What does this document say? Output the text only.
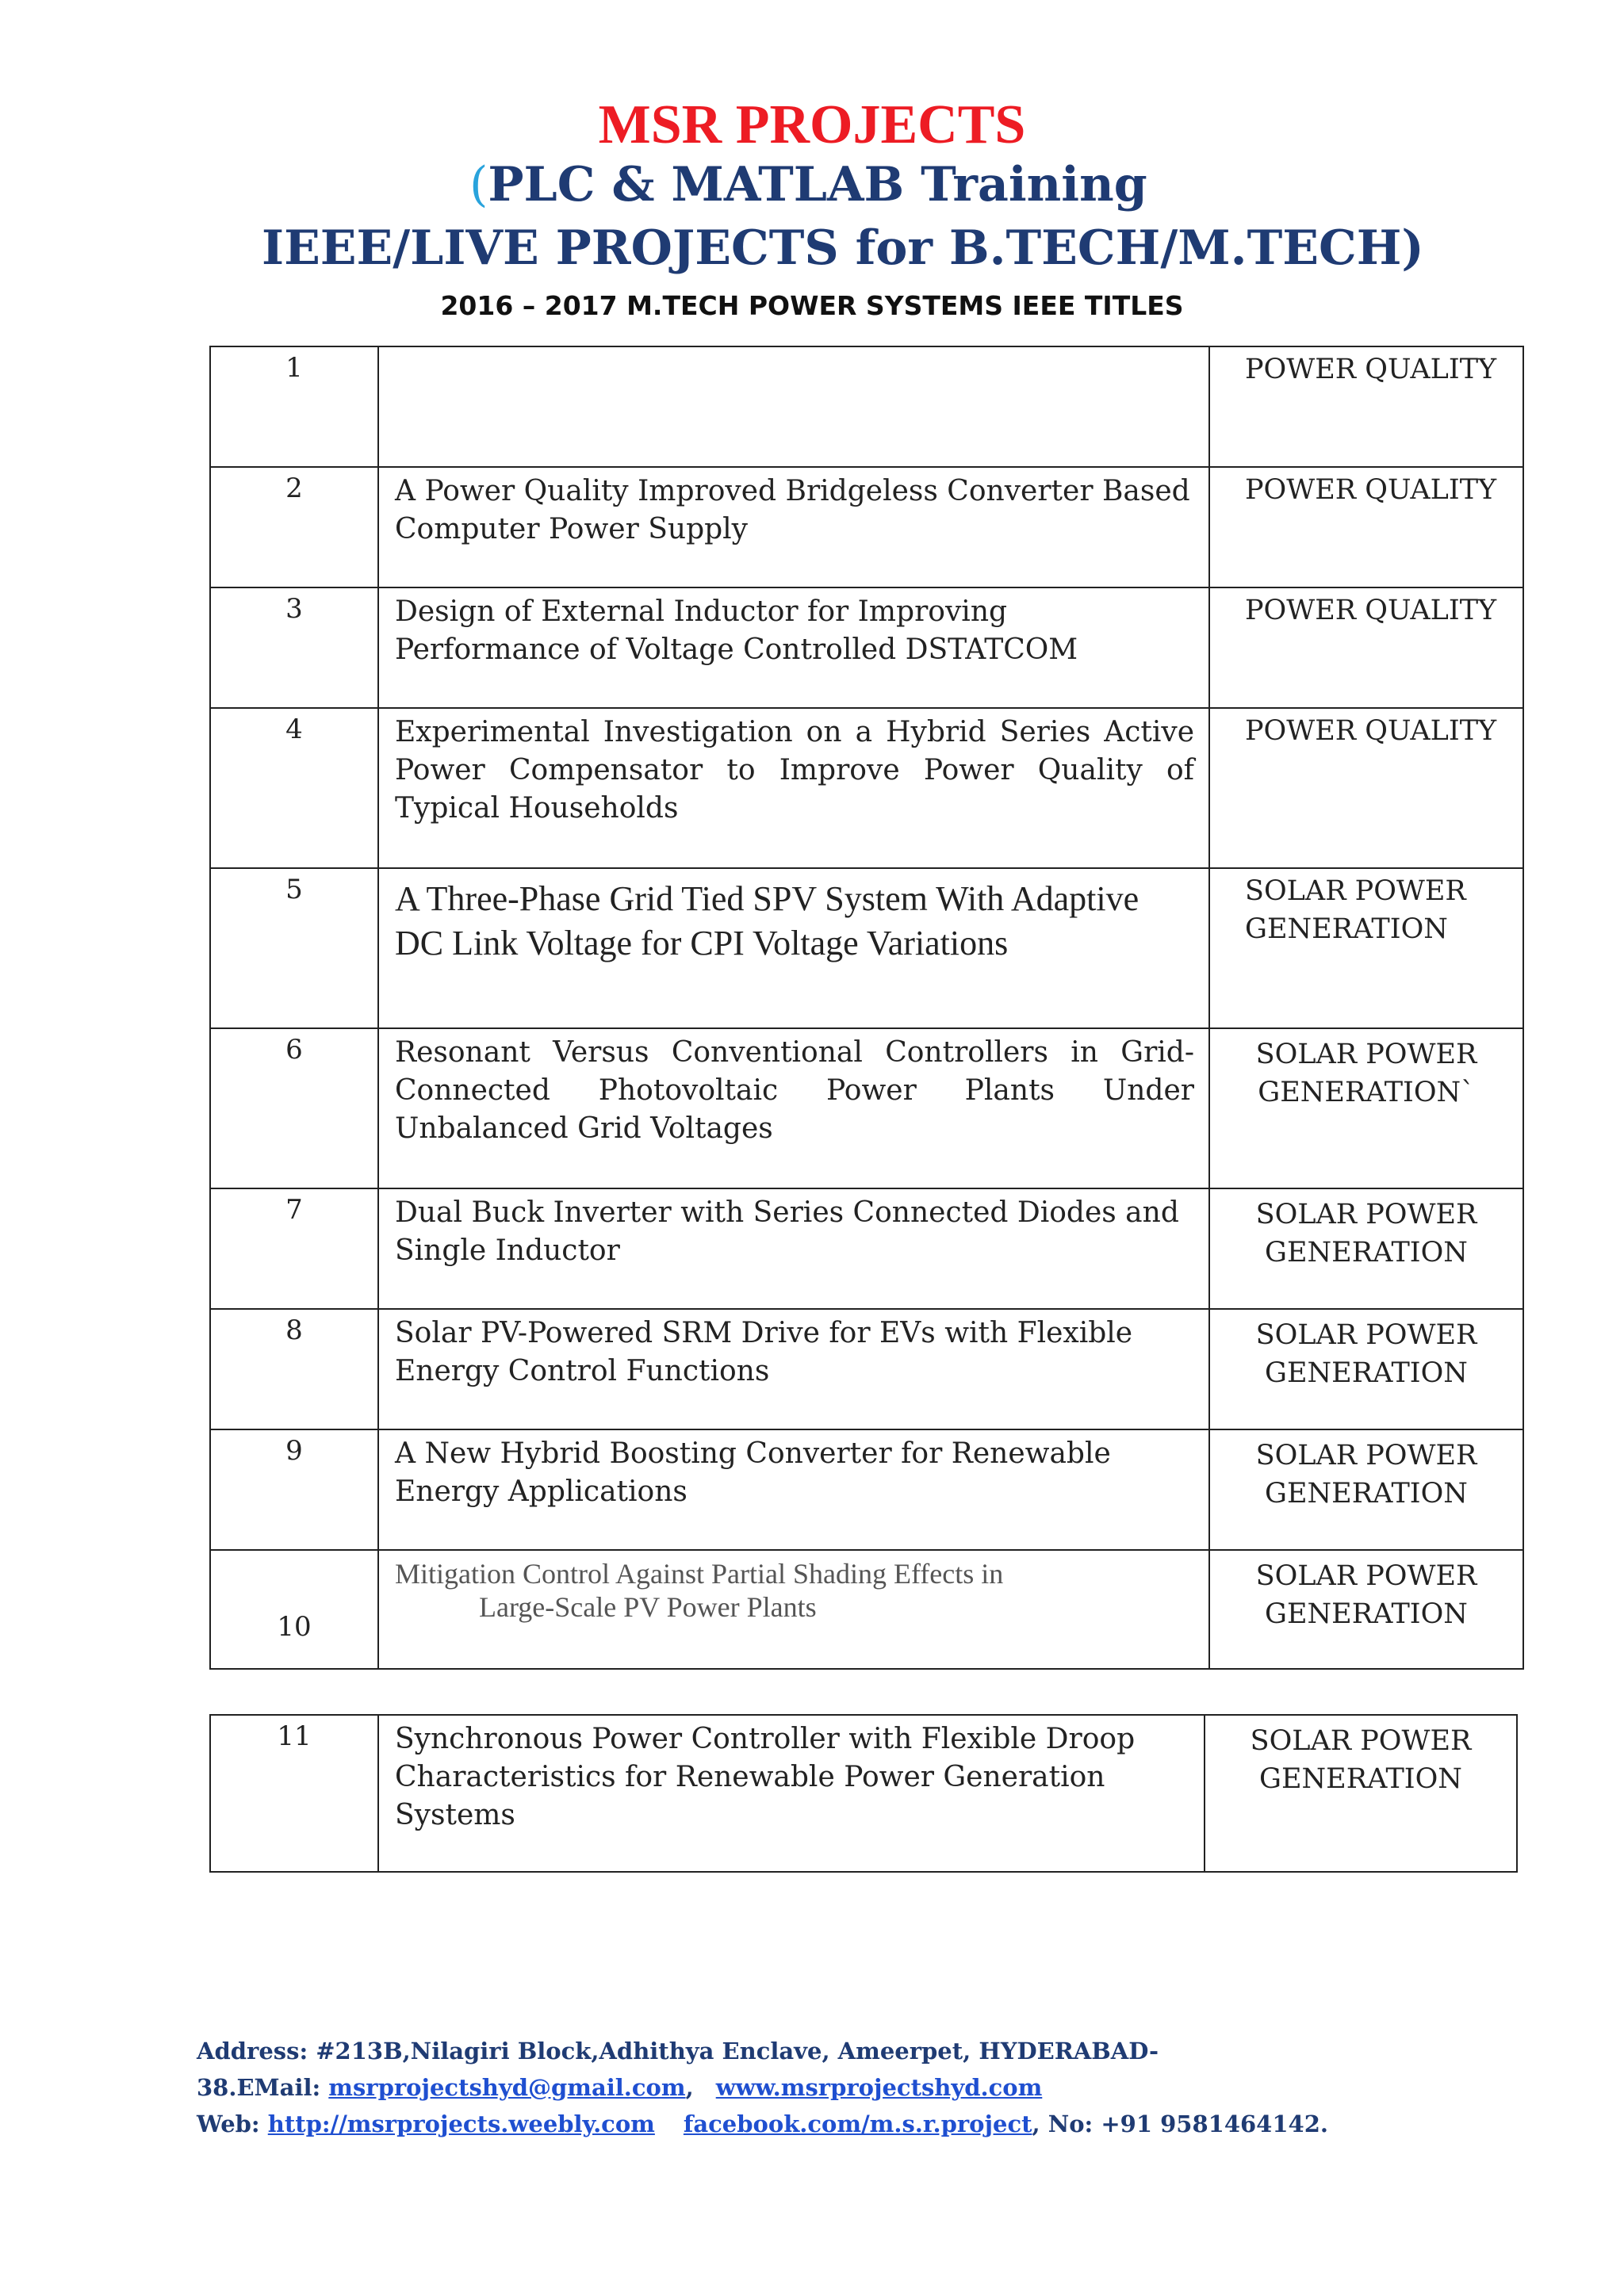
MSR PROJECTS
(PLC & MATLAB Training
IEEE/LIVE PROJECTS for B.TECH/M.TECH)
2016 – 2017 M.TECH POWER SYSTEMS IEEE TITLES
1		POWER QUALITY
2	A Power Quality Improved Bridgeless Converter Based Computer Power Supply	POWER QUALITY
3	Design of External Inductor for Improving Performance of Voltage Controlled DSTATCOM	POWER QUALITY
4	Experimental Investigation on a Hybrid Series Active Power Compensator to Improve Power Quality of Typical Households	POWER QUALITY
5	A Three-Phase Grid Tied SPV System With Adaptive DC Link Voltage for CPI Voltage Variations	SOLAR POWER GENERATION
6	Resonant Versus Conventional Controllers in Grid-Connected Photovoltaic Power Plants Under Unbalanced Grid Voltages	SOLAR POWER GENERATION`
7	Dual Buck Inverter with Series Connected Diodes and Single Inductor	SOLAR POWER GENERATION
8	Solar PV-Powered SRM Drive for EVs with Flexible Energy Control Functions	SOLAR POWER GENERATION
9	A New Hybrid Boosting Converter for Renewable Energy Applications	SOLAR POWER GENERATION
10	Mitigation Control Against Partial Shading Effects in
Large-Scale PV Power Plants	SOLAR POWER GENERATION
11	Synchronous Power Controller with Flexible Droop Characteristics for Renewable Power Generation Systems	SOLAR POWER GENERATION
Address: #213B,Nilagiri Block,Adhithya Enclave, Ameerpet, HYDERABAD-
38.EMail: msrprojectshyd@gmail.com, www.msrprojectshyd.com
Web: http://msrprojects.weebly.com facebook.com/m.s.r.project, No: +91 9581464142.
